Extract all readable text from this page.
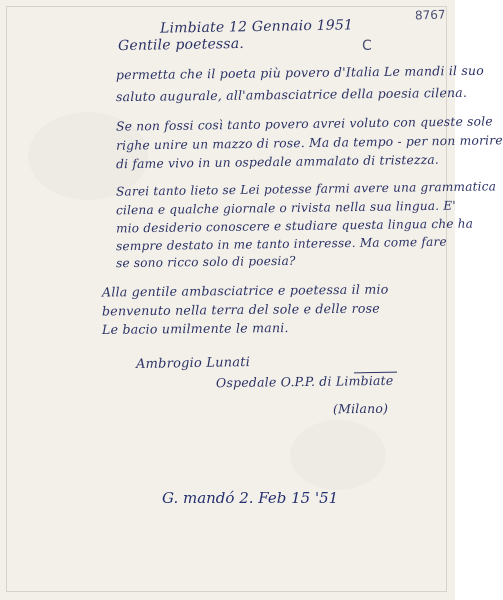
8767
C
Limbiate 12 Gennaio 1951
Gentile poetessa.
permetta che il poeta più povero d'Italia Le mandi il suo
saluto augurale, all'ambasciatrice della poesia cilena.
Se non fossi così tanto povero avrei voluto con queste sole
righe unire un mazzo di rose. Ma da tempo - per non morire
di fame vivo in un ospedale ammalato di tristezza.
Sarei tanto lieto se Lei potesse farmi avere una grammatica
cilena e qualche giornale o rivista nella sua lingua. E'
mio desiderio conoscere e studiare questa lingua che ha
sempre destato in me tanto interesse. Ma come fare
se sono ricco solo di poesia?
Alla gentile ambasciatrice e poetessa il mio
benvenuto nella terra del sole e delle rose
Le bacio umilmente le mani.
Ambrogio Lunati
Ospedale O.P.P. di Limbiate
(Milano)
G. mandó 2. Feb 15 '51
